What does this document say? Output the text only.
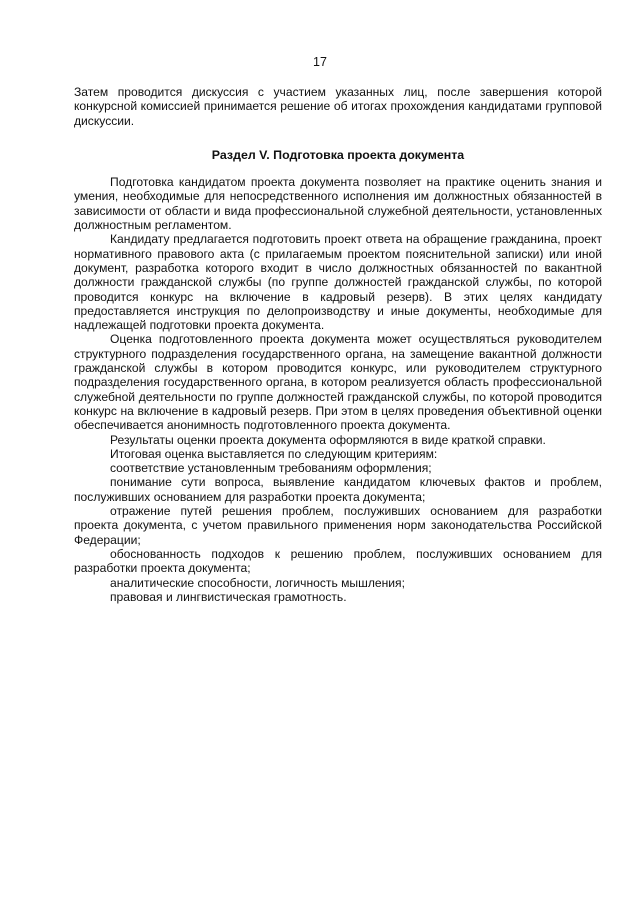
17

Затем проводится дискуссия с участием указанных лиц, после завершения которой конкурсной комиссией принимается решение об итогах прохождения кандидатами групповой дискуссии.

Раздел V. Подготовка проекта документа

Подготовка кандидатом проекта документа позволяет на практике оценить знания и умения, необходимые для непосредственного исполнения им должностных обязанностей в зависимости от области и вида профессиональной служебной деятельности, установленных должностным регламентом.

Кандидату предлагается подготовить проект ответа на обращение гражданина, проект нормативного правового акта (с прилагаемым проектом пояснительной записки) или иной документ, разработка которого входит в число должностных обязанностей по вакантной должности гражданской службы (по группе должностей гражданской службы, по которой проводится конкурс на включение в кадровый резерв). В этих целях кандидату предоставляется инструкция по делопроизводству и иные документы, необходимые для надлежащей подготовки проекта документа.

Оценка подготовленного проекта документа может осуществляться руководителем структурного подразделения государственного органа, на замещение вакантной должности гражданской службы в котором проводится конкурс, или руководителем структурного подразделения государственного органа, в котором реализуется область профессиональной служебной деятельности по группе должностей гражданской службы, по которой проводится конкурс на включение в кадровый резерв. При этом в целях проведения объективной оценки обеспечивается анонимность подготовленного проекта документа.

Результаты оценки проекта документа оформляются в виде краткой справки.

Итоговая оценка выставляется по следующим критериям:

соответствие установленным требованиям оформления;

понимание сути вопроса, выявление кандидатом ключевых фактов и проблем, послуживших основанием для разработки проекта документа;

отражение путей решения проблем, послуживших основанием для разработки проекта документа, с учетом правильного применения норм законодательства Российской Федерации;

обоснованность подходов к решению проблем, послуживших основанием для разработки проекта документа;

аналитические способности, логичность мышления;

правовая и лингвистическая грамотность.
